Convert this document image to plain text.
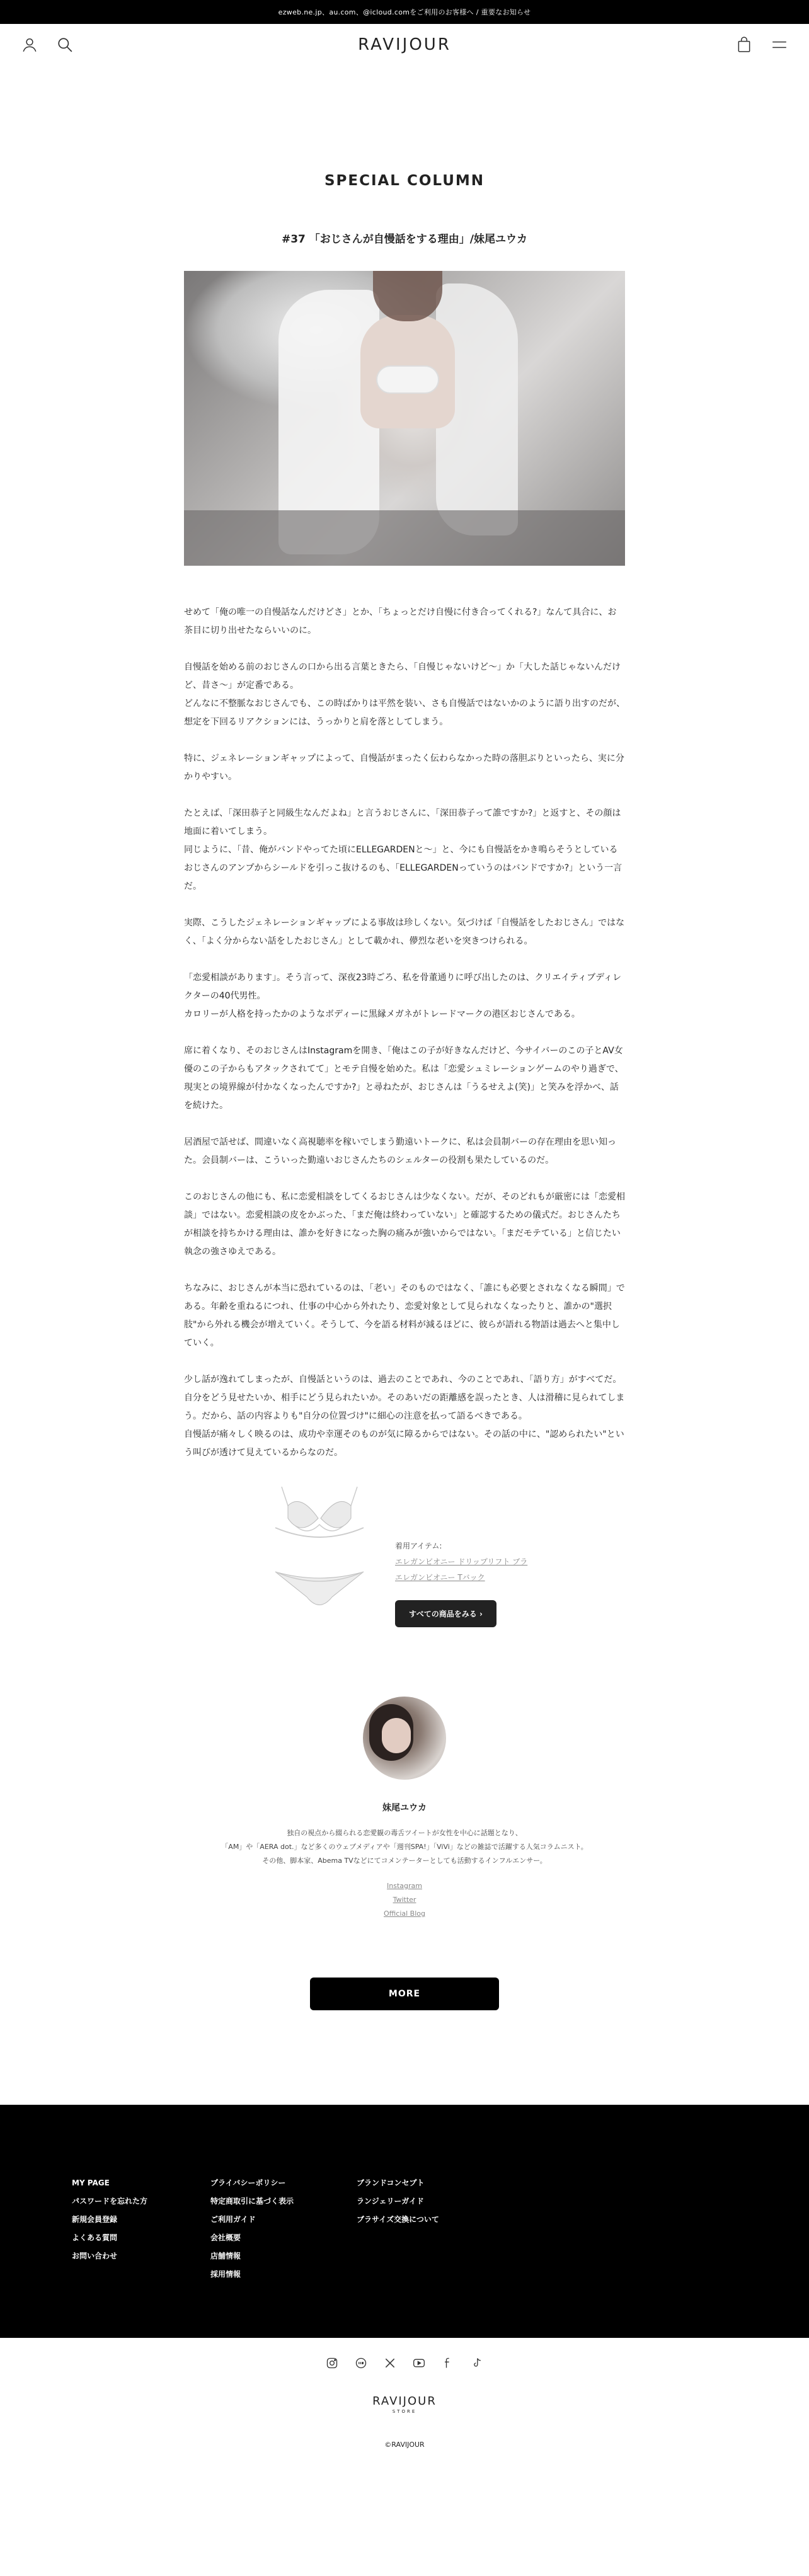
ezweb.ne.jp、au.com、@icloud.comをご利用のお客様へ / 重要なお知らせ
RAVIJOUR
SPECIAL COLUMN
#37 「おじさんが自慢話をする理由」/妹尾ユウカ

せめて「俺の唯一の自慢話なんだけどさ」とか、「ちょっとだけ自慢に付き合ってくれる?」なんて具合に、お茶目に切り出せたならいいのに。

自慢話を始める前のおじさんの口から出る言葉ときたら、「自慢じゃないけど〜」か「大した話じゃないんだけど、昔さ〜」が定番である。
どんなに不整脈なおじさんでも、この時ばかりは平然を装い、さも自慢話ではないかのように語り出すのだが、想定を下回るリアクションには、うっかりと肩を落としてしまう。

特に、ジェネレーションギャップによって、自慢話がまったく伝わらなかった時の落胆ぶりといったら、実に分かりやすい。

たとえば、「深田恭子と同級生なんだよね」と言うおじさんに、「深田恭子って誰ですか?」と返すと、その顔は地面に着いてしまう。
同じように、「昔、俺がバンドやってた頃にELLEGARDENと〜」と、今にも自慢話をかき鳴らそうとしているおじさんのアンプからシールドを引っこ抜けるのも、「ELLEGARDENっていうのはバンドですか?」という一言だ。

実際、こうしたジェネレーションギャップによる事故は珍しくない。気づけば「自慢話をしたおじさん」ではなく、「よく分からない話をしたおじさん」として載かれ、儚烈な老いを突きつけられる。

「恋愛相談があります」。そう言って、深夜23時ごろ、私を骨董通りに呼び出したのは、クリエイティブディレクターの40代男性。
カロリーが人格を持ったかのようなボディーに黒縁メガネがトレードマークの港区おじさんである。

席に着くなり、そのおじさんはInstagramを開き、「俺はこの子が好きなんだけど、今サイバーのこの子とAV女優のこの子からもアタックされてて」とモテ自慢を始めた。私は「恋愛シュミレーションゲームのやり過ぎで、現実との境界線が付かなくなったんですか?」と尋ねたが、おじさんは「うるせえよ(笑)」と笑みを浮かべ、話を続けた。

居酒屋で話せば、間違いなく高視聴率を稼いでしまう勤遠いトークに、私は会員制バーの存在理由を思い知った。会員制バーは、こういった勤遠いおじさんたちのシェルターの役割も果たしているのだ。

このおじさんの他にも、私に恋愛相談をしてくるおじさんは少なくない。だが、そのどれもが厳密には「恋愛相談」ではない。恋愛相談の皮をかぶった、「まだ俺は終わっていない」と確認するための儀式だ。おじさんたちが相談を持ちかける理由は、誰かを好きになった胸の痛みが強いからではない。「まだモテている」と信じたい執念の強さゆえである。

ちなみに、おじさんが本当に恐れているのは、「老い」そのものではなく、「誰にも必要とされなくなる瞬間」である。年齢を重ねるにつれ、仕事の中心から外れたり、恋愛対象として見られなくなったりと、誰かの"選択肢"から外れる機会が増えていく。そうして、今を語る材料が減るほどに、彼らが語れる物語は過去へと集中していく。

少し話が逸れてしまったが、自慢話というのは、過去のことであれ、今のことであれ、「語り方」がすべてだ。自分をどう見せたいか、相手にどう見られたいか。そのあいだの距離感を誤ったとき、人は滑稽に見られてしまう。だから、話の内容よりも"自分の位置づけ"に細心の注意を払って語るべきである。
自慢話が痛々しく映るのは、成功や幸運そのものが気に障るからではない。その話の中に、"認められたい"という叫びが透けて見えているからなのだ。

着用アイテム:
エレガンビオニー ドリップリフト ブラ
エレガンビオニー Tバック
すべての商品をみる ›
妹尾ユウカ
独自の視点から綴られる恋愛観の毒舌ツイートが女性を中心に話題となり、
「AM」や「AERA dot.」など多くのウェブメディアや「週刊SPA!」「ViVi」などの雑誌で活躍する人気コラムニスト。
その他、脚本家、Abema TVなどにてコメンテーターとしても活動するインフルエンサー。
Instagram
Twitter
Official Blog
MORE
MY PAGE
パスワードを忘れた方
新規会員登録
よくある質問
お問い合わせ
プライバシーポリシー
特定商取引に基づく表示
ご利用ガイド
会社概要
店舗情報
採用情報
ブランドコンセプト
ランジェリーガイド
ブラサイズ交換について
RAVIJOUR
STORE
©RAVIJOUR
